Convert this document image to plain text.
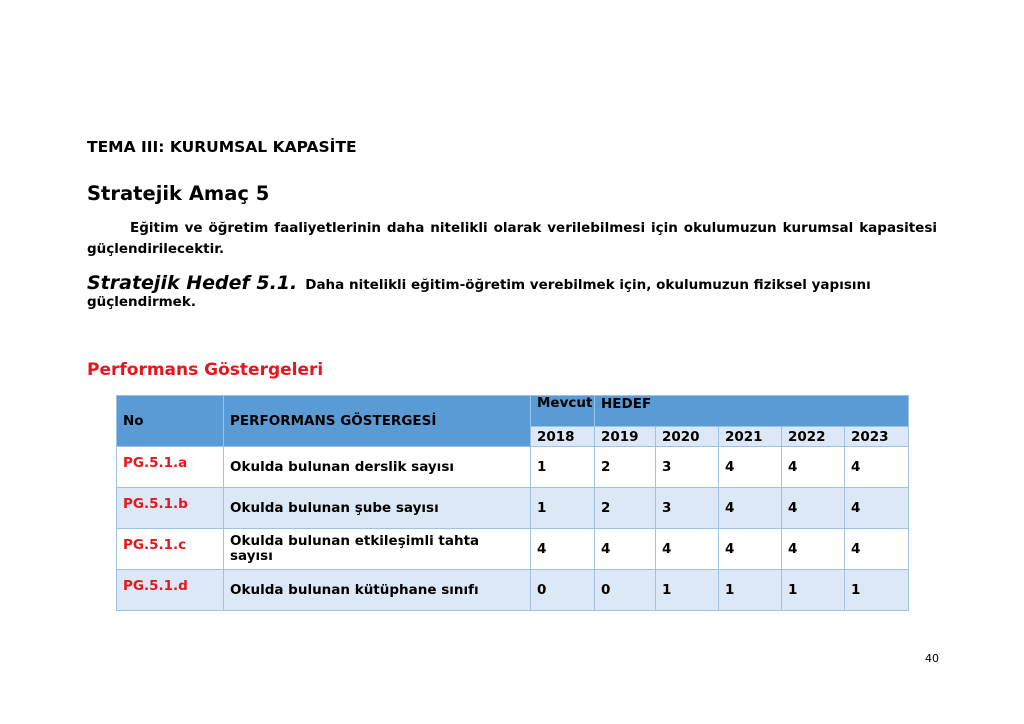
TEMA III: KURUMSAL KAPASİTE
Stratejik Amaç 5
Eğitim ve öğretim faaliyetlerinin daha nitelikli olarak verilebilmesi için okulumuzun kurumsal kapasitesi güçlendirilecektir.
Stratejik Hedef 5.1. Daha nitelikli eğitim-öğretim verebilmek için, okulumuzun fiziksel yapısını güçlendirmek.
Performans Göstergeleri
No	PERFORMANS GÖSTERGESİ	Mevcut	HEDEF				
		2018	2019	2020	2021	2022	2023
PG.5.1.a	Okulda bulunan derslik sayısı	1	2	3	4	4	4
PG.5.1.b	Okulda bulunan şube sayısı	1	2	3	4	4	4
PG.5.1.c	Okulda bulunan etkileşimli tahta sayısı	4	4	4	4	4	4
PG.5.1.d	Okulda bulunan kütüphane sınıfı	0	0	1	1	1	1
40
